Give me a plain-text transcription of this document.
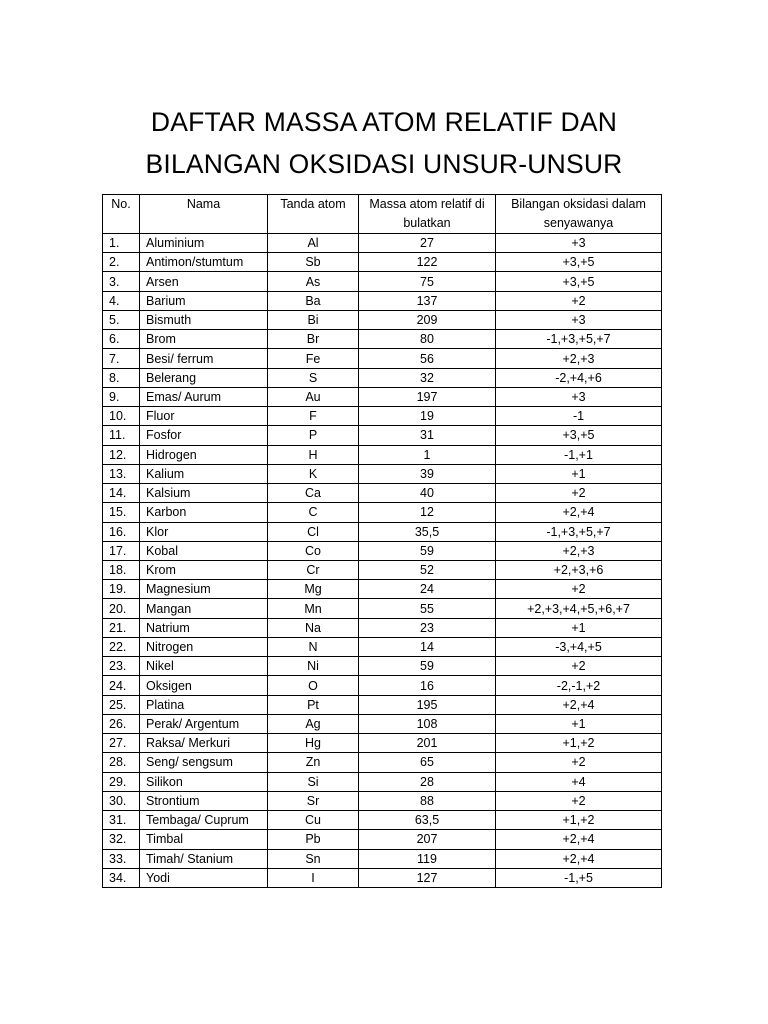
DAFTAR MASSA ATOM RELATIF DAN
BILANGAN OKSIDASI UNSUR-UNSUR
No.	Nama	Tanda atom	Massa atom relatif di bulatkan	Bilangan oksidasi dalam senyawanya
1.	Aluminium	Al	27	+3
2.	Antimon/stumtum	Sb	122	+3,+5
3.	Arsen	As	75	+3,+5
4.	Barium	Ba	137	+2
5.	Bismuth	Bi	209	+3
6.	Brom	Br	80	-1,+3,+5,+7
7.	Besi/ ferrum	Fe	56	+2,+3
8.	Belerang	S	32	-2,+4,+6
9.	Emas/ Aurum	Au	197	+3
10.	Fluor	F	19	-1
11.	Fosfor	P	31	+3,+5
12.	Hidrogen	H	1	-1,+1
13.	Kalium	K	39	+1
14.	Kalsium	Ca	40	+2
15.	Karbon	C	12	+2,+4
16.	Klor	Cl	35,5	-1,+3,+5,+7
17.	Kobal	Co	59	+2,+3
18.	Krom	Cr	52	+2,+3,+6
19.	Magnesium	Mg	24	+2
20.	Mangan	Mn	55	+2,+3,+4,+5,+6,+7
21.	Natrium	Na	23	+1
22.	Nitrogen	N	14	-3,+4,+5
23.	Nikel	Ni	59	+2
24.	Oksigen	O	16	-2,-1,+2
25.	Platina	Pt	195	+2,+4
26.	Perak/ Argentum	Ag	108	+1
27.	Raksa/ Merkuri	Hg	201	+1,+2
28.	Seng/ sengsum	Zn	65	+2
29.	Silikon	Si	28	+4
30.	Strontium	Sr	88	+2
31.	Tembaga/ Cuprum	Cu	63,5	+1,+2
32.	Timbal	Pb	207	+2,+4
33.	Timah/ Stanium	Sn	119	+2,+4
34.	Yodi	I	127	-1,+5
